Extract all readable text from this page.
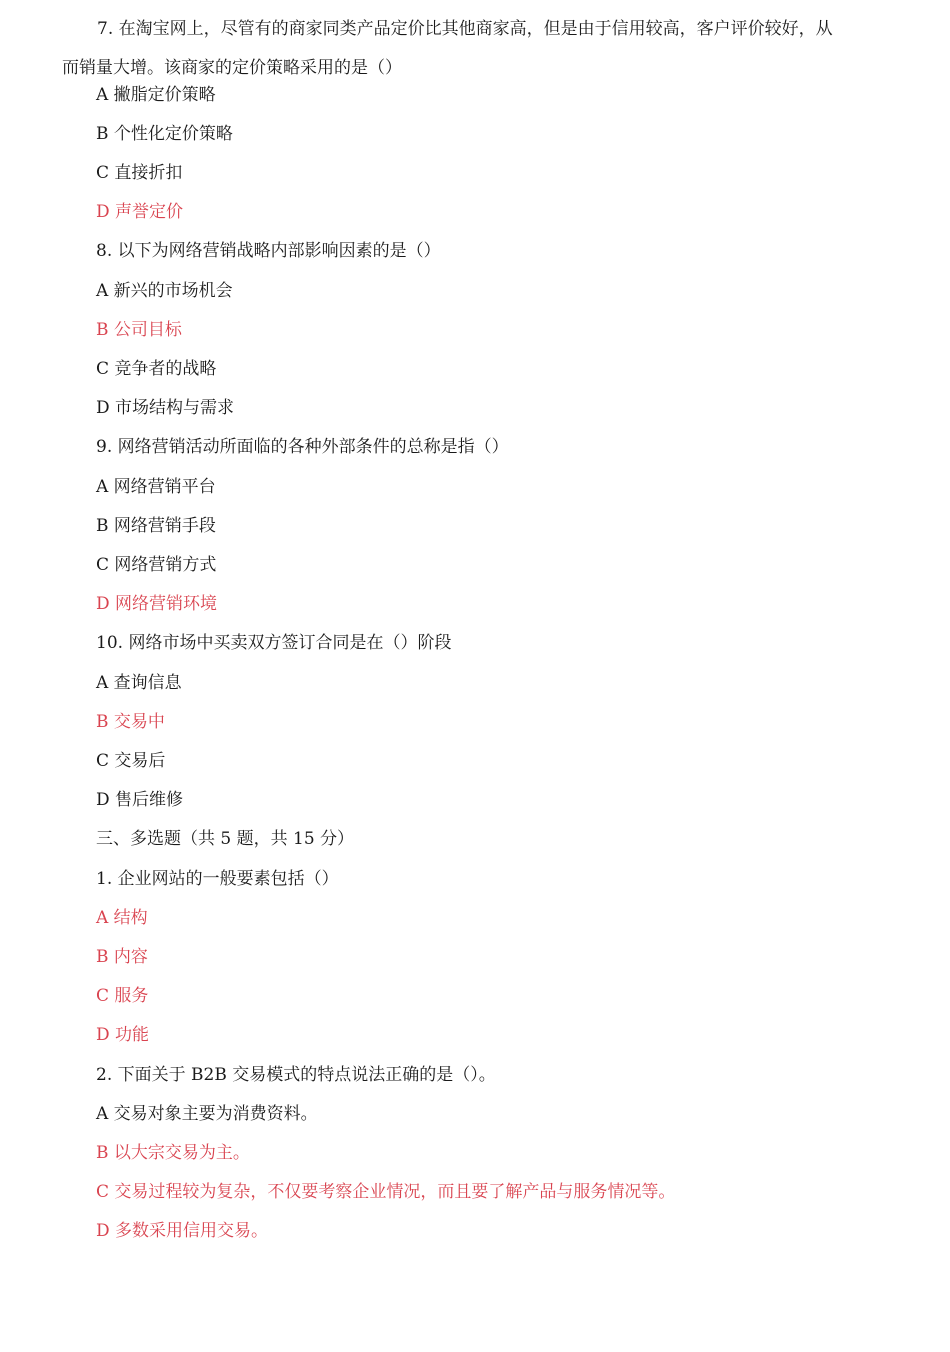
7. 在淘宝网上，尽管有的商家同类产品定价比其他商家高，但是由于信用较高，客户评价较好，从
而销量大增。该商家的定价策略采用的是（）
A 撇脂定价策略
B 个性化定价策略
C 直接折扣
D 声誉定价
8. 以下为网络营销战略内部影响因素的是（）
A 新兴的市场机会
B 公司目标
C 竞争者的战略
D 市场结构与需求
9. 网络营销活动所面临的各种外部条件的总称是指（）
A 网络营销平台
B 网络营销手段
C 网络营销方式
D 网络营销环境
10. 网络市场中买卖双方签订合同是在（）阶段
A 查询信息
B 交易中
C 交易后
D 售后维修
三、多选题（共 5 题，共 15 分）
1. 企业网站的一般要素包括（）
A 结构
B 内容
C 服务
D 功能
2. 下面关于 B2B 交易模式的特点说法正确的是（）。
A 交易对象主要为消费资料。
B 以大宗交易为主。
C 交易过程较为复杂，不仅要考察企业情况，而且要了解产品与服务情况等。
D 多数采用信用交易。
